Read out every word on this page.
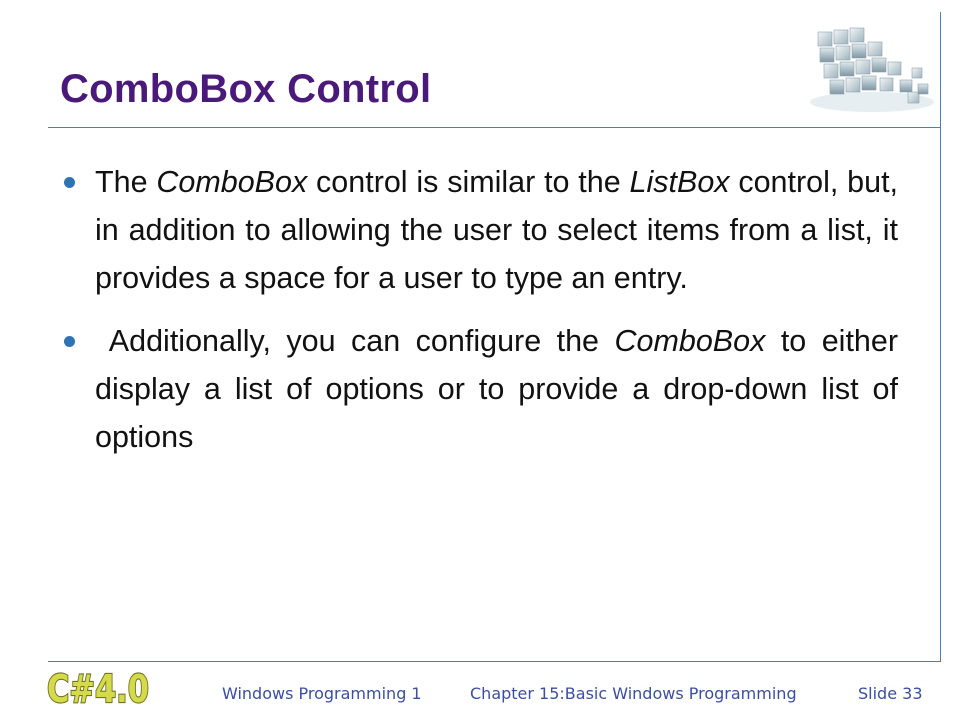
ComboBox Control

The ComboBox control is similar to the ListBox control, but, in addition to allowing the user to select items from a list, it provides a space for a user to type an entry.

Additionally, you can configure the ComboBox to either display a list of options or to provide a drop-down list of options

C#4.0	Windows Programming 1	Chapter 15:Basic Windows Programming	Slide 33
